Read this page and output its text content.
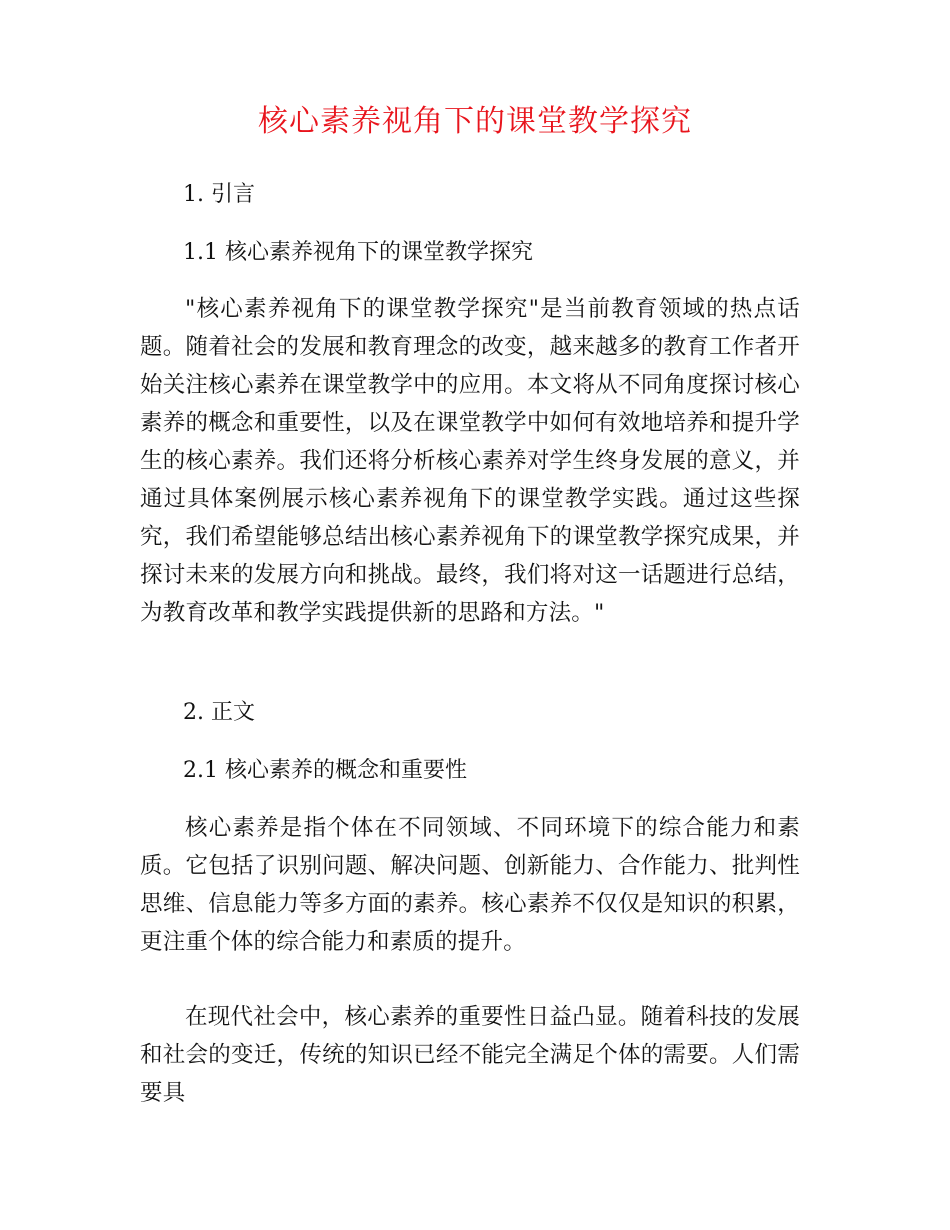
核心素养视角下的课堂教学探究
1. 引言
1.1 核心素养视角下的课堂教学探究

"核心素养视角下的课堂教学探究"是当前教育领域的热点话题。随着社会的发展和教育理念的改变，越来越多的教育工作者开始关注核心素养在课堂教学中的应用。本文将从不同角度探讨核心素养的概念和重要性，以及在课堂教学中如何有效地培养和提升学生的核心素养。我们还将分析核心素养对学生终身发展的意义，并通过具体案例展示核心素养视角下的课堂教学实践。通过这些探究，我们希望能够总结出核心素养视角下的课堂教学探究成果，并探讨未来的发展方向和挑战。最终，我们将对这一话题进行总结，为教育改革和教学实践提供新的思路和方法。"

2. 正文
2.1 核心素养的概念和重要性

核心素养是指个体在不同领域、不同环境下的综合能力和素质。它包括了识别问题、解决问题、创新能力、合作能力、批判性思维、信息能力等多方面的素养。核心素养不仅仅是知识的积累，更注重个体的综合能力和素质的提升。

在现代社会中，核心素养的重要性日益凸显。随着科技的发展和社会的变迁，传统的知识已经不能完全满足个体的需要。人们需要具
